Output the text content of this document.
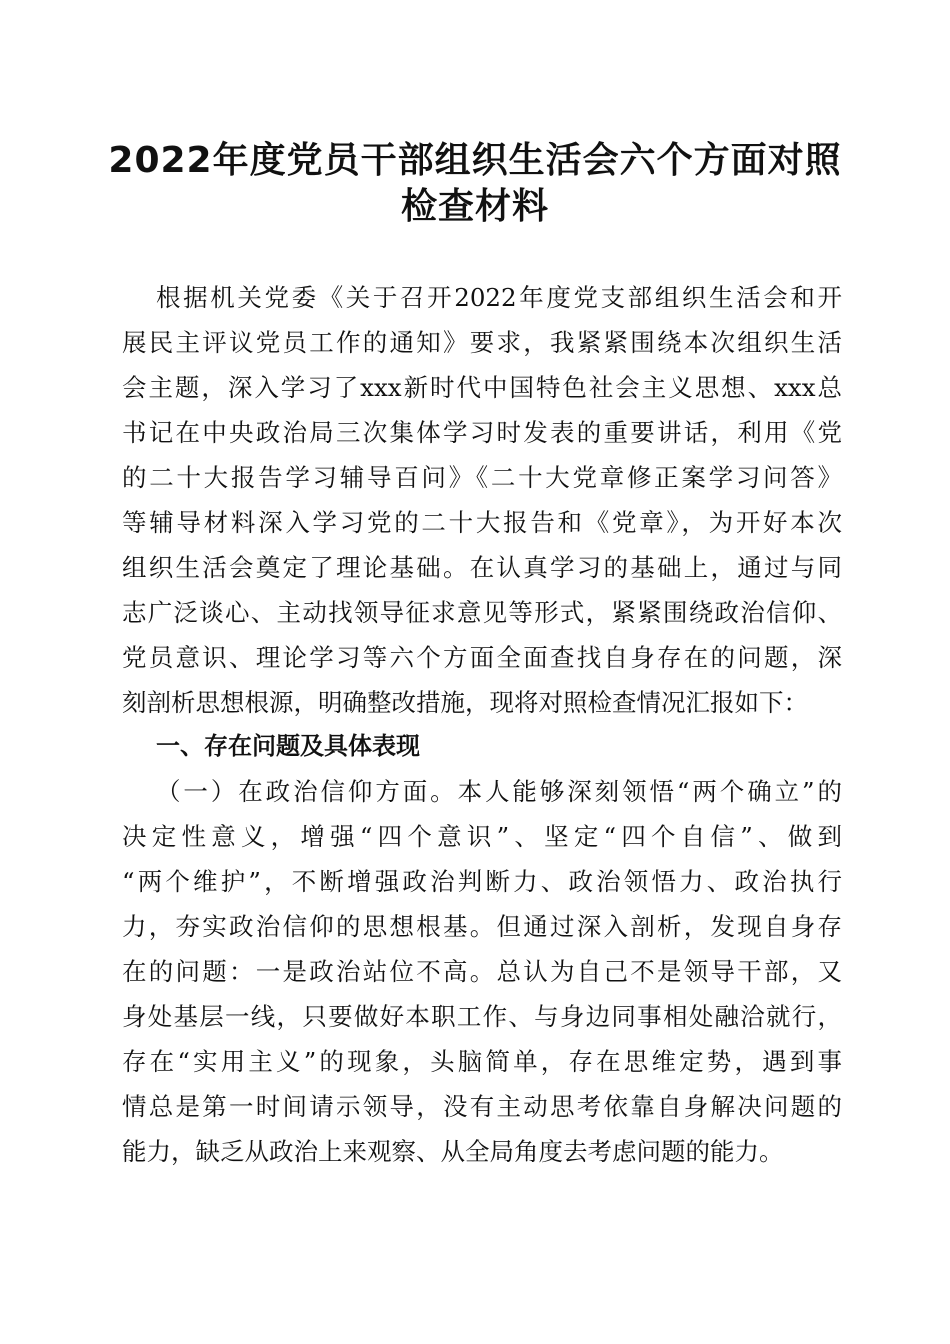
2022年度党员干部组织生活会六个方面对照
检查材料

根据机关党委《关于召开2022年度党支部组织生活会和开

展民主评议党员工作的通知》要求，我紧紧围绕本次组织生活

会主题，深入学习了xxx新时代中国特色社会主义思想、xxx总

书记在中央政治局三次集体学习时发表的重要讲话，利用《党

的二十大报告学习辅导百问》《二十大党章修正案学习问答》

等辅导材料深入学习党的二十大报告和《党章》，为开好本次

组织生活会奠定了理论基础。在认真学习的基础上，通过与同

志广泛谈心、主动找领导征求意见等形式，紧紧围绕政治信仰、

党员意识、理论学习等六个方面全面查找自身存在的问题，深

刻剖析思想根源，明确整改措施，现将对照检查情况汇报如下：

一、存在问题及具体表现

（一）在政治信仰方面。本人能够深刻领悟“两个确立”的

决定性意义，增强“四个意识”、坚定“四个自信”、做到

“两个维护”，不断增强政治判断力、政治领悟力、政治执行

力，夯实政治信仰的思想根基。但通过深入剖析，发现自身存

在的问题：一是政治站位不高。总认为自己不是领导干部，又

身处基层一线，只要做好本职工作、与身边同事相处融洽就行，

存在“实用主义”的现象，头脑简单，存在思维定势，遇到事

情总是第一时间请示领导，没有主动思考依靠自身解决问题的

能力，缺乏从政治上来观察、从全局角度去考虑问题的能力。
